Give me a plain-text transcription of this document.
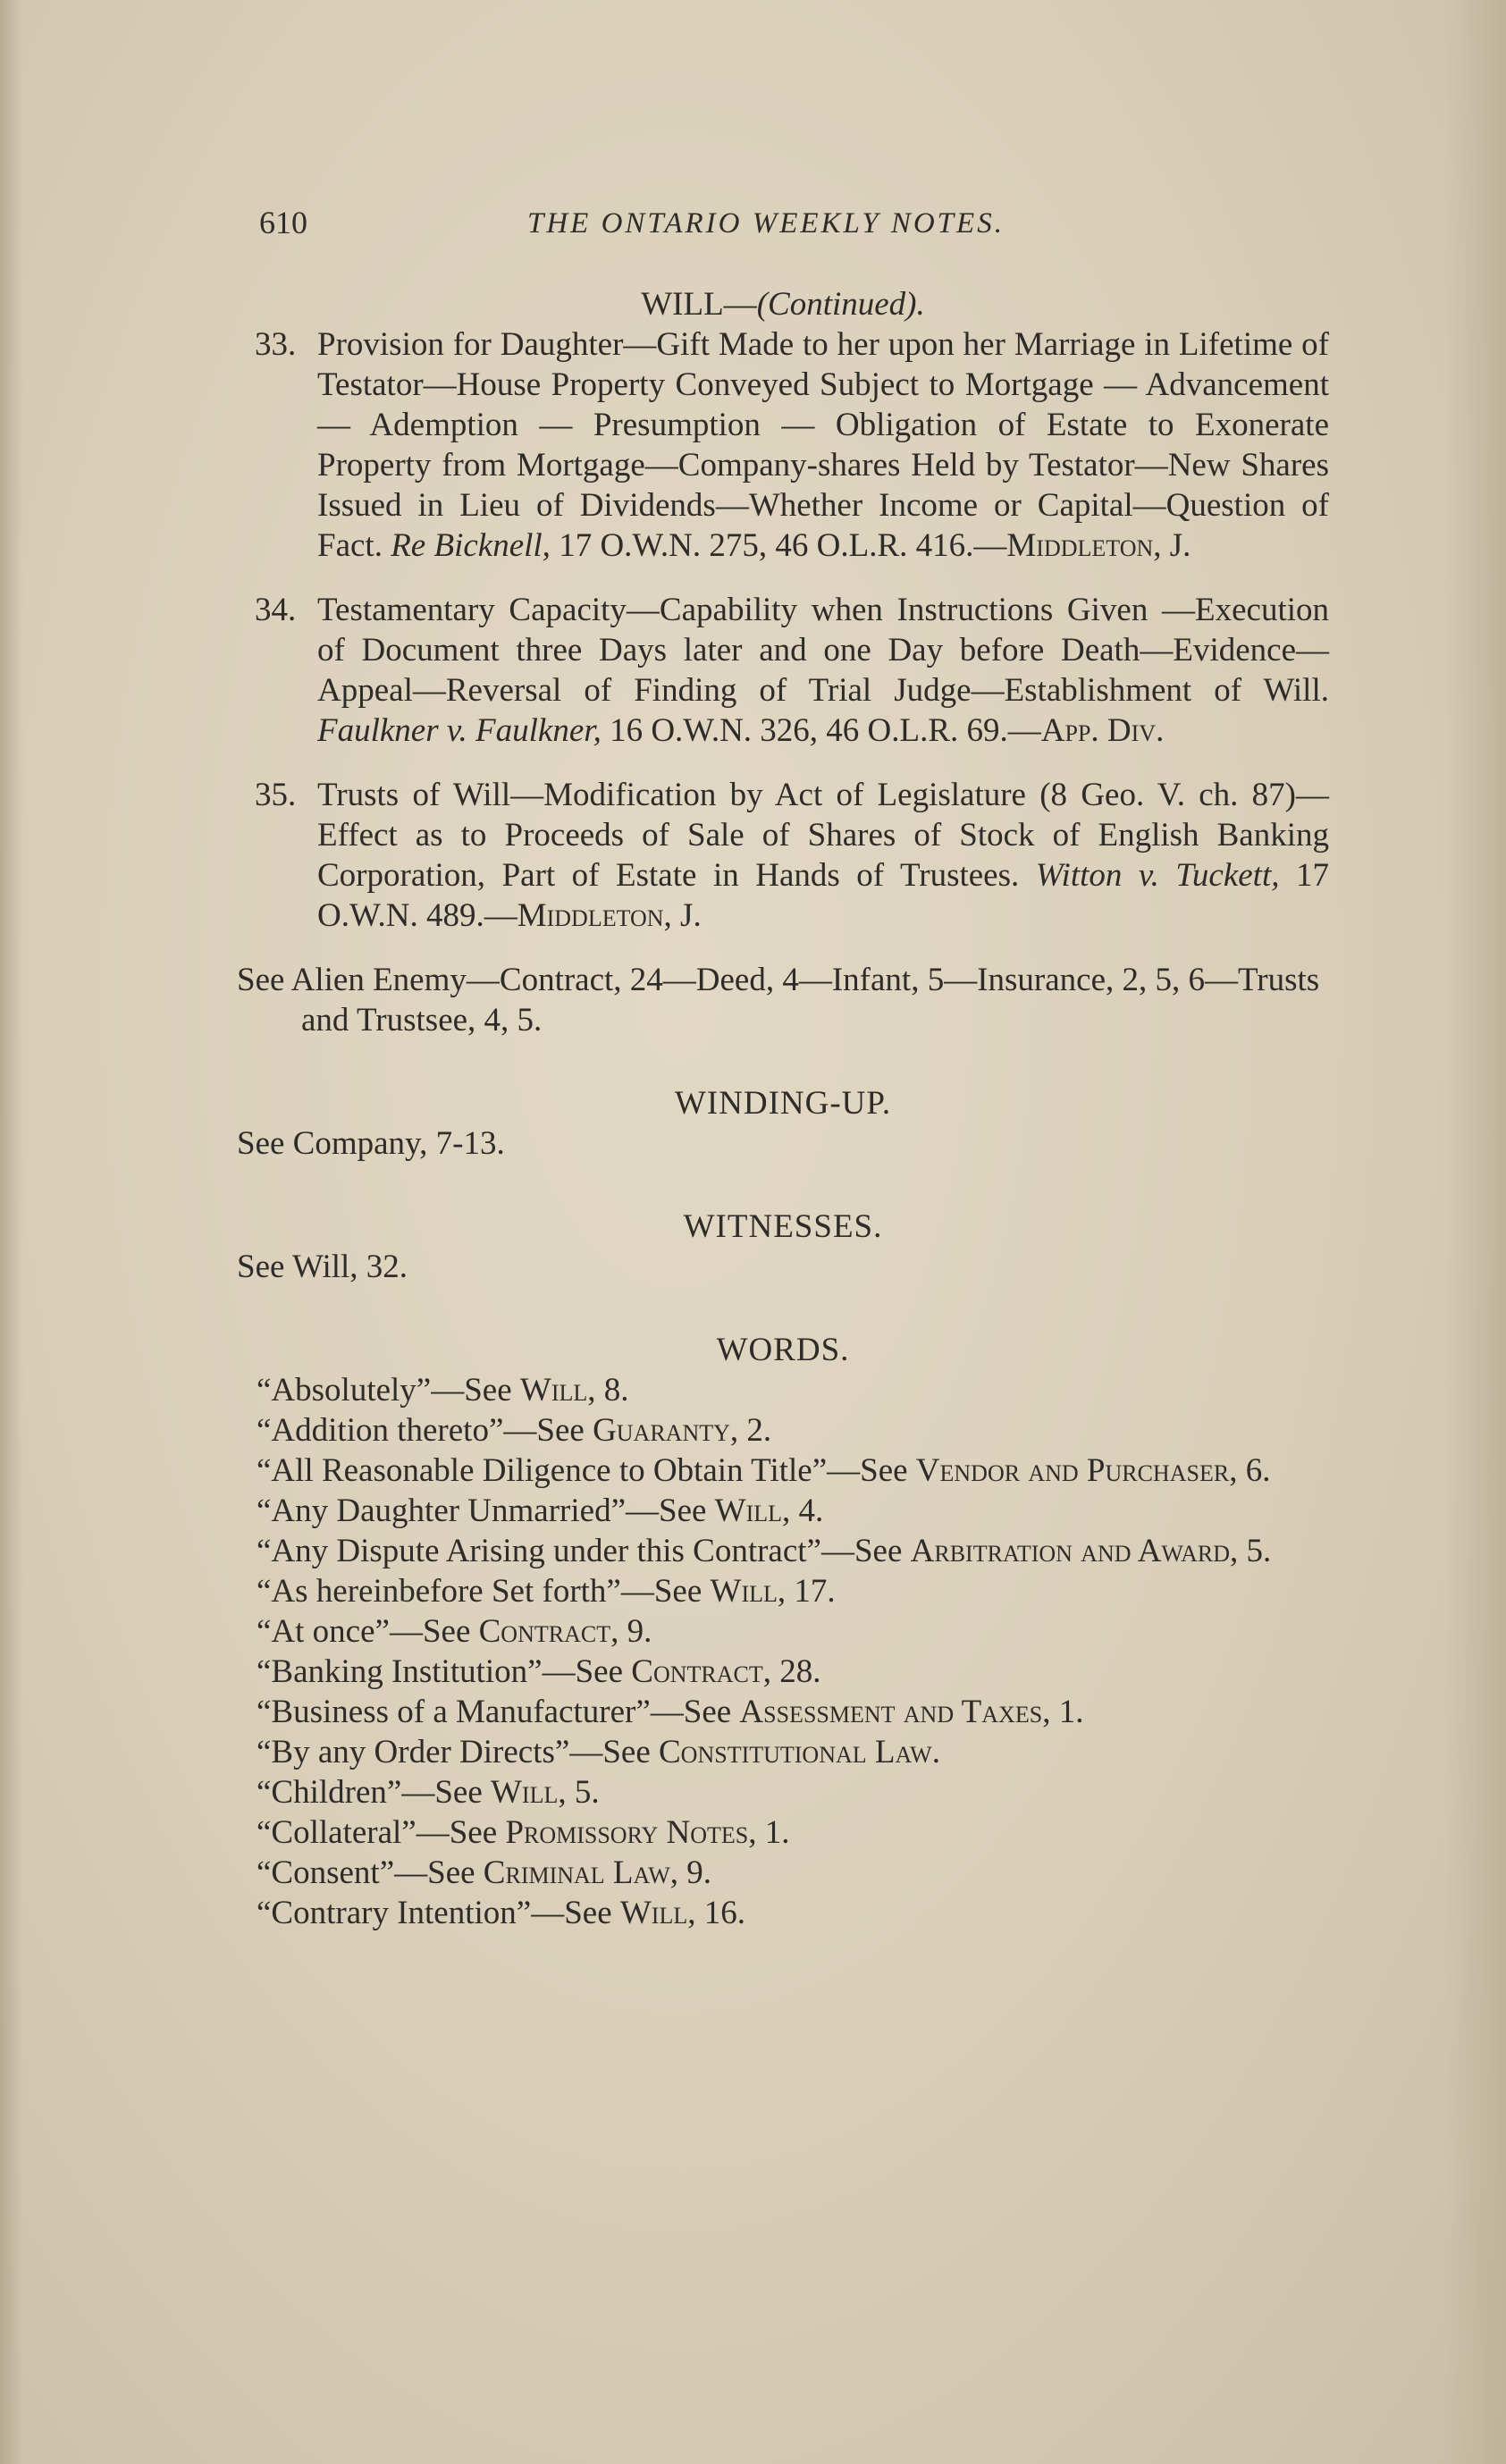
610	THE ONTARIO WEEKLY NOTES.

WILL—(Continued).

33. Provision for Daughter—Gift Made to her upon her Marriage in Lifetime of Testator—House Property Conveyed Subject to Mortgage — Advancement — Ademption — Presumption — Obligation of Estate to Exonerate Property from Mortgage—Company-shares Held by Testator—New Shares Issued in Lieu of Dividends—Whether Income or Capital—Question of Fact. Re Bicknell, 17 O.W.N. 275, 46 O.L.R. 416.—Middleton, J.
34. Testamentary Capacity—Capability when Instructions Given —Execution of Document three Days later and one Day before Death—Evidence—Appeal—Reversal of Finding of Trial Judge—Establishment of Will. Faulkner v. Faulkner, 16 O.W.N. 326, 46 O.L.R. 69.—App. Div.
35. Trusts of Will—Modification by Act of Legislature (8 Geo. V. ch. 87)—Effect as to Proceeds of Sale of Shares of Stock of English Banking Corporation, Part of Estate in Hands of Trustees. Witton v. Tuckett, 17 O.W.N. 489.—Middleton, J.

See Alien Enemy—Contract, 24—Deed, 4—Infant, 5—Insurance, 2, 5, 6—Trusts and Trustsee, 4, 5.

WINDING-UP.

See Company, 7-13.

WITNESSES.

See Will, 32.

WORDS.

“Absolutely”—See Will, 8.

“Addition thereto”—See Guaranty, 2.

“All Reasonable Diligence to Obtain Title”—See Vendor and Purchaser, 6.

“Any Daughter Unmarried”—See Will, 4.

“Any Dispute Arising under this Contract”—See Arbitration and Award, 5.

“As hereinbefore Set forth”—See Will, 17.

“At once”—See Contract, 9.

“Banking Institution”—See Contract, 28.

“Business of a Manufacturer”—See Assessment and Taxes, 1.

“By any Order Directs”—See Constitutional Law.

“Children”—See Will, 5.

“Collateral”—See Promissory Notes, 1.

“Consent”—See Criminal Law, 9.

“Contrary Intention”—See Will, 16.
